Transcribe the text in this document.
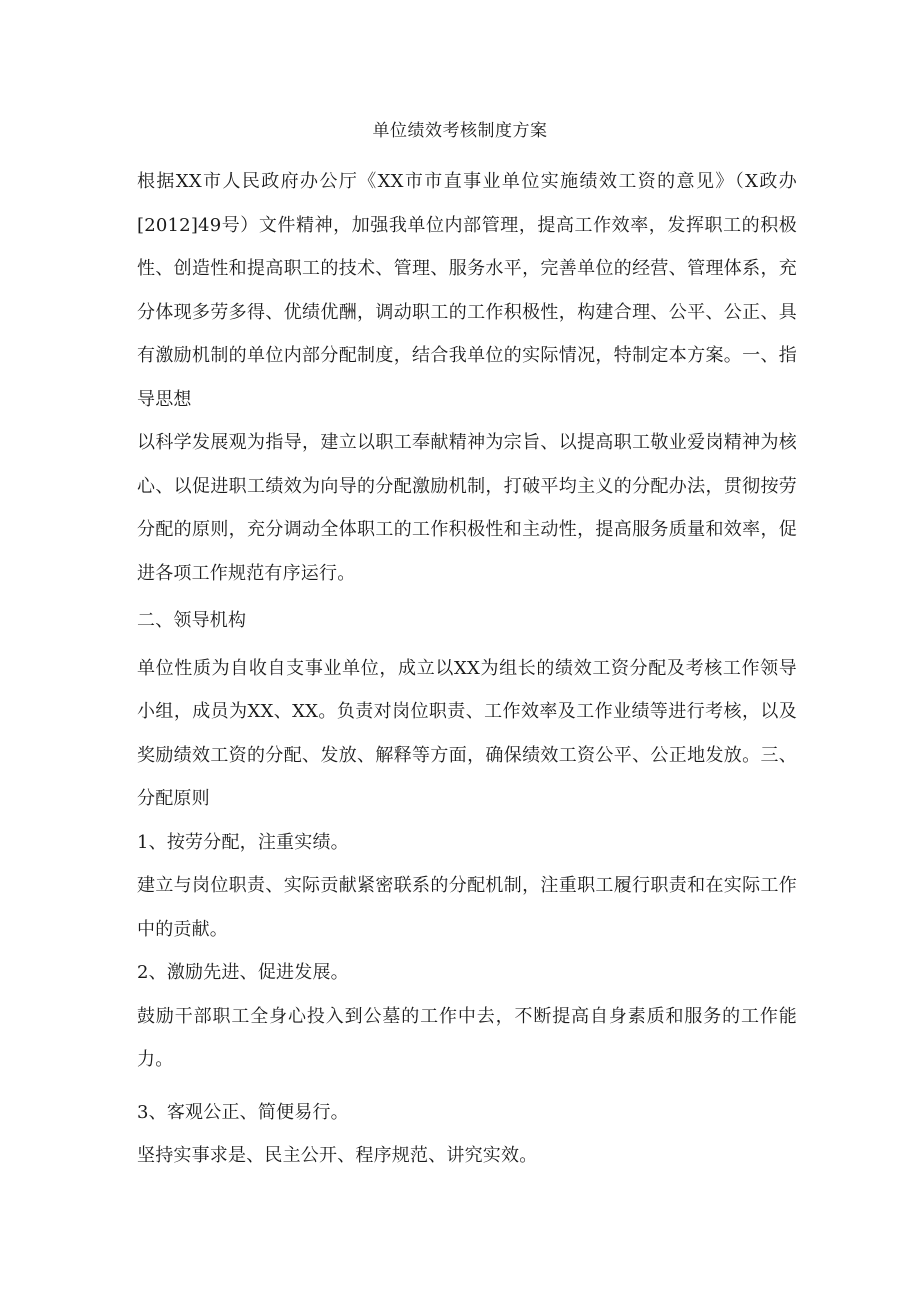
单位绩效考核制度方案

根据XX市人民政府办公厅《XX市市直事业单位实施绩效工资的意见》（X政办[2012]49号）文件精神，加强我单位内部管理，提高工作效率，发挥职工的积极性、创造性和提高职工的技术、管理、服务水平，完善单位的经营、管理体系，充分体现多劳多得、优绩优酬，调动职工的工作积极性，构建合理、公平、公正、具有激励机制的单位内部分配制度，结合我单位的实际情况，特制定本方案。一、指导思想

以科学发展观为指导，建立以职工奉献精神为宗旨、以提高职工敬业爱岗精神为核心、以促进职工绩效为向导的分配激励机制，打破平均主义的分配办法，贯彻按劳分配的原则，充分调动全体职工的工作积极性和主动性，提高服务质量和效率，促进各项工作规范有序运行。

二、领导机构

单位性质为自收自支事业单位，成立以XX为组长的绩效工资分配及考核工作领导小组，成员为XX、XX。负责对岗位职责、工作效率及工作业绩等进行考核，以及奖励绩效工资的分配、发放、解释等方面，确保绩效工资公平、公正地发放。三、分配原则

1、按劳分配，注重实绩。

建立与岗位职责、实际贡献紧密联系的分配机制，注重职工履行职责和在实际工作中的贡献。

2、激励先进、促进发展。

鼓励干部职工全身心投入到公墓的工作中去，不断提高自身素质和服务的工作能力。

3、客观公正、简便易行。

坚持实事求是、民主公开、程序规范、讲究实效。
